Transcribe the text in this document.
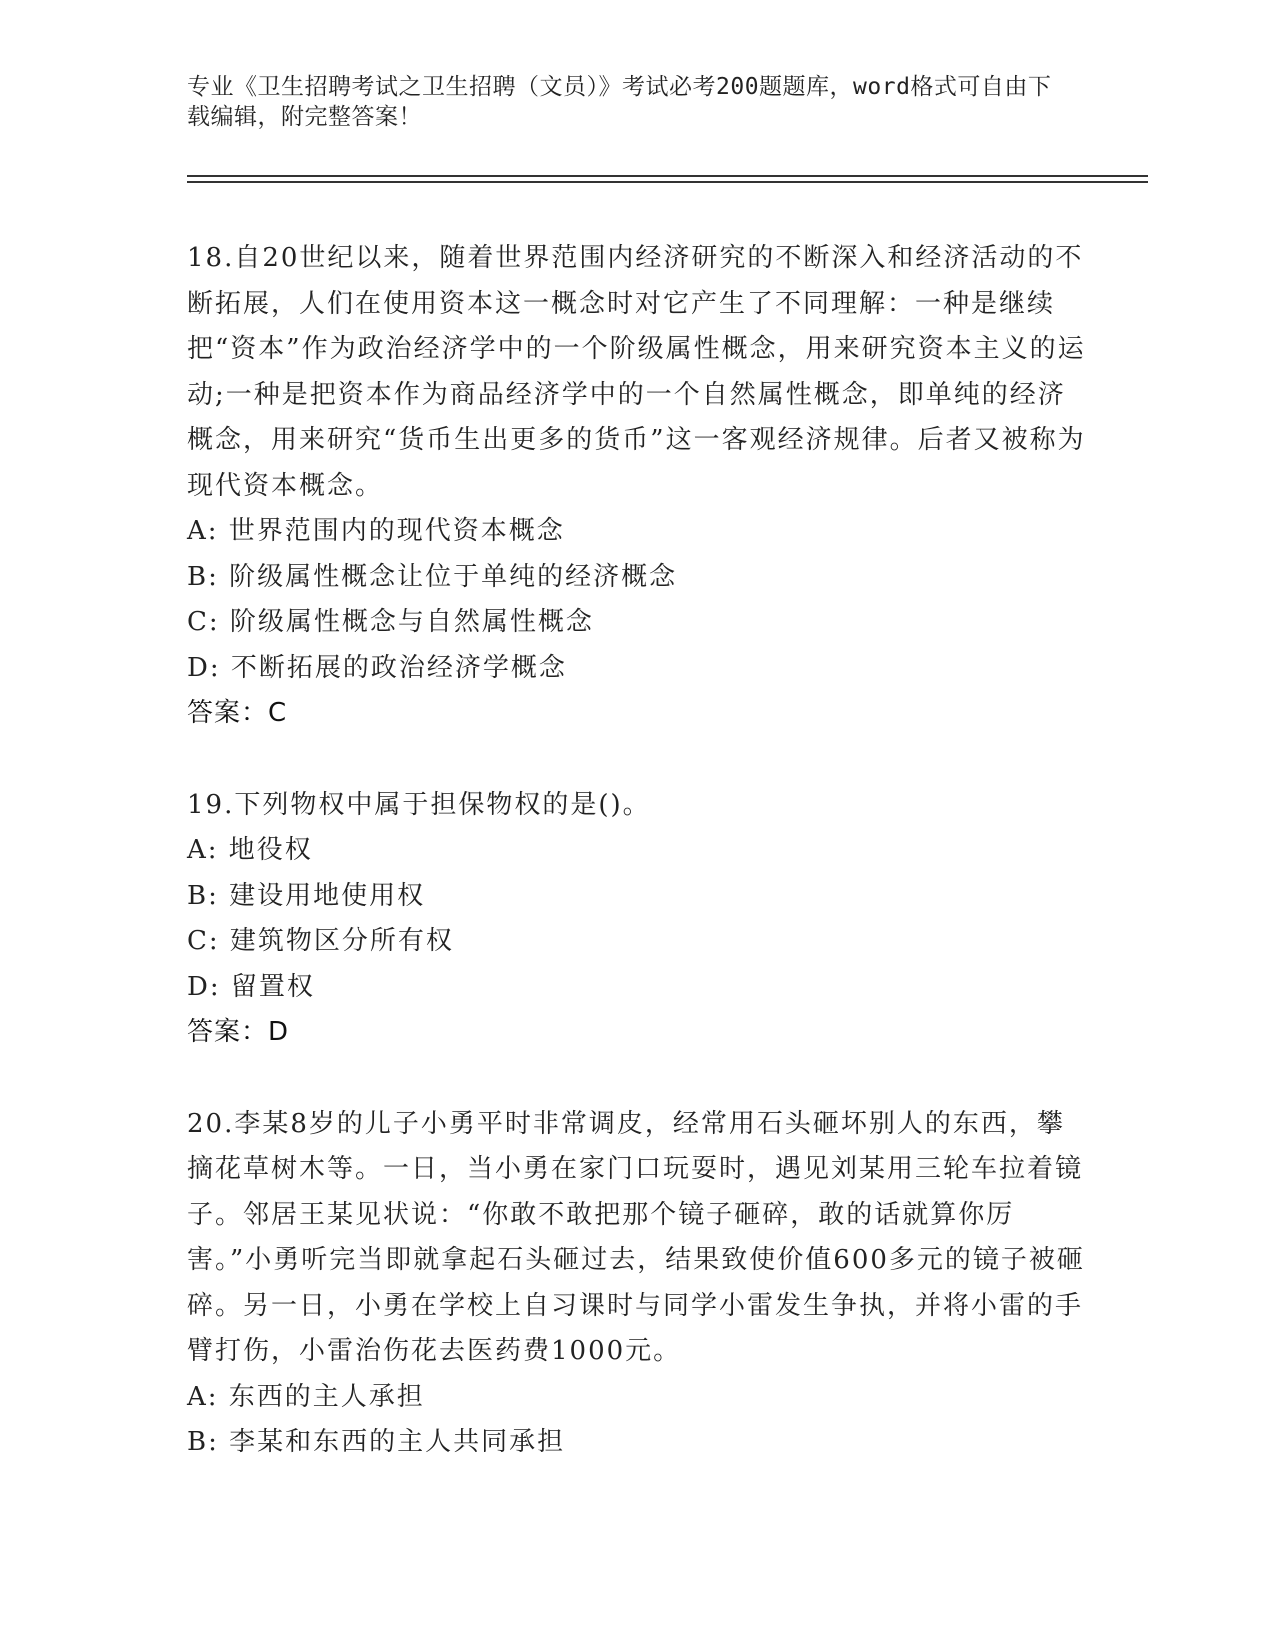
专业《卫生招聘考试之卫生招聘（文员）》考试必考200题题库，word格式可自由下载编辑，附完整答案！
18.自20世纪以来，随着世界范围内经济研究的不断深入和经济活动的不断拓展，人们在使用资本这一概念时对它产生了不同理解：一种是继续把“资本”作为政治经济学中的一个阶级属性概念，用来研究资本主义的运动;一种是把资本作为商品经济学中的一个自然属性概念，即单纯的经济概念，用来研究“货币生出更多的货币”这一客观经济规律。后者又被称为现代资本概念。
A: 世界范围内的现代资本概念
B: 阶级属性概念让位于单纯的经济概念
C: 阶级属性概念与自然属性概念
D: 不断拓展的政治经济学概念
答案：C
19.下列物权中属于担保物权的是()。
A: 地役权
B: 建设用地使用权
C: 建筑物区分所有权
D: 留置权
答案：D
20.李某8岁的儿子小勇平时非常调皮，经常用石头砸坏别人的东西，攀摘花草树木等。一日，当小勇在家门口玩耍时，遇见刘某用三轮车拉着镜子。邻居王某见状说：“你敢不敢把那个镜子砸碎，敢的话就算你厉害。”小勇听完当即就拿起石头砸过去，结果致使价值600多元的镜子被砸碎。另一日，小勇在学校上自习课时与同学小雷发生争执，并将小雷的手臂打伤，小雷治伤花去医药费1000元。
A: 东西的主人承担
B: 李某和东西的主人共同承担
